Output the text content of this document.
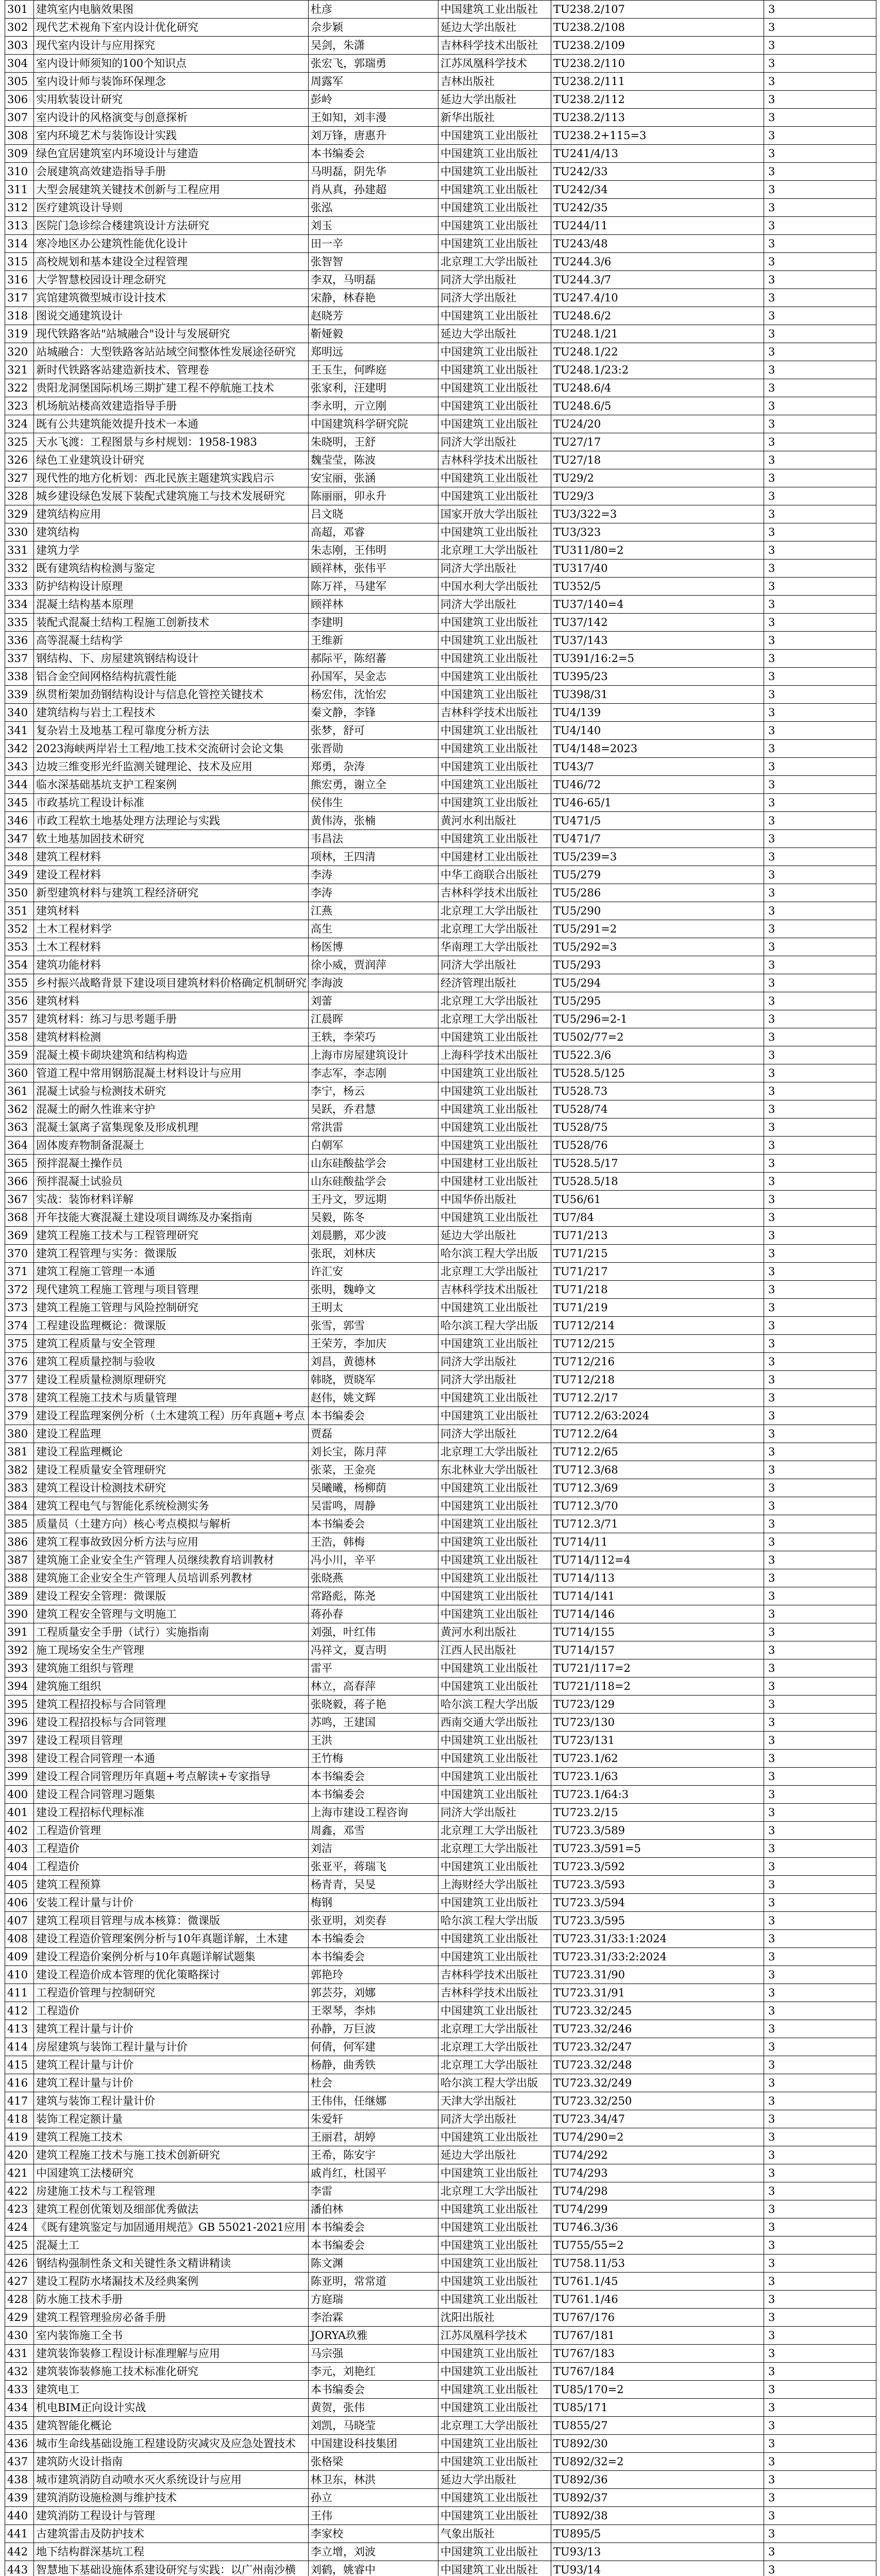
301	建筑室内电脑效果图	杜彦	中国建筑工业出版社	TU238.2/107	3
302	现代艺术视角下室内设计优化研究	佘步颖	延边大学出版社	TU238.2/108	3
303	现代室内设计与应用探究	吴剑，朱潇	吉林科学技术出版社	TU238.2/109	3
304	室内设计师须知的100个知识点	张宏飞，郭瑞勇	江苏凤凰科学技术	TU238.2/110	3
305	室内设计师与装饰环保理念	周露军	吉林出版社	TU238.2/111	3
306	实用软装设计研究	彭岭	延边大学出版社	TU238.2/112	3
307	室内设计的风格演变与创意探析	王如知，刘丰漫	新华出版社	TU238.2/113	3
308	室内环境艺术与装饰设计实践	刘万锋，唐惠升	中国建筑工业出版社	TU238.2+115=3	3
309	绿色宜居建筑室内环境设计与建造	本书编委会	中国建筑工业出版社	TU241/4/13	3
310	会展建筑高效建造指导手册	马明磊，阴先华	中国建筑工业出版社	TU242/33	3
311	大型会展建筑关键技术创新与工程应用	肖从真，孙建超	中国建筑工业出版社	TU242/34	3
312	医疗建筑设计导则	张泓	中国建筑工业出版社	TU242/35	3
313	医院门急诊综合楼建筑设计方法研究	刘玉	中国建筑工业出版社	TU244/11	3
314	寒冷地区办公建筑性能优化设计	田一辛	中国建筑工业出版社	TU243/48	3
315	高校规划和基本建设全过程管理	张智智	北京理工大学出版社	TU244.3/6	3
316	大学智慧校园设计理念研究	李双，马明磊	同济大学出版社	TU244.3/7	3
317	宾馆建筑微型城市设计技术	宋静，林春艳	同济大学出版社	TU247.4/10	3
318	图说交通建筑设计	赵晓芳	中国建筑工业出版社	TU248.6/2	3
319	现代铁路客站"站城融合"设计与发展研究	靳娅毅	延边大学出版社	TU248.1/21	3
320	站城融合：大型铁路客站站域空间整体性发展途径研究	郑明远	中国建筑工业出版社	TU248.1/22	3
321	新时代铁路客站建造新技术、管理卷	王玉生，何晔庭	中国建筑工业出版社	TU248.1/23:2	3
322	贵阳龙洞堡国际机场三期扩建工程不停航施工技术	张家利，汪建明	中国建筑工业出版社	TU248.6/4	3
323	机场航站楼高效建造指导手册	李永明，亓立刚	中国建筑工业出版社	TU248.6/5	3
324	既有公共建筑能效提升技术一本通	中国建筑科学研究院	中国建筑工业出版社	TU24/20	3
325	天水飞渡：工程图景与乡村规划：1958-1983	朱晓明，王舒	同济大学出版社	TU27/17	3
326	绿色工业建筑设计研究	魏莹莹，陈波	吉林科学技术出版社	TU27/18	3
327	现代性的地方化析划：西北民族主题建筑实践启示	安宝丽，张涵	中国建筑工业出版社	TU29/2	3
328	城乡建设绿色发展下装配式建筑施工与技术发展研究	陈丽丽，卯永升	中国建筑工业出版社	TU29/3	3
329	建筑结构应用	吕文晓	国家开放大学出版社	TU3/322=3	3
330	建筑结构	高超，邓睿	中国建筑工业出版社	TU3/323	3
331	建筑力学	朱志刚，王伟明	北京理工大学出版社	TU311/80=2	3
332	既有建筑结构检测与鉴定	顾祥林，张伟平	同济大学出版社	TU317/40	3
333	防护结构设计原理	陈万祥，马建军	中国水利大学出版社	TU352/5	3
334	混凝土结构基本原理	顾祥林	同济大学出版社	TU37/140=4	3
335	装配式混凝土结构工程施工创新技术	李建明	中国建筑工业出版社	TU37/142	3
336	高等混凝土结构学	王维新	中国建筑工业出版社	TU37/143	3
337	钢结构、下、房屋建筑钢结构设计	郝际平，陈绍蕃	中国建筑工业出版社	TU391/16:2=5	3
338	铝合金空间网格结构抗震性能	孙国军，吴金志	中国建筑工业出版社	TU395/23	3
339	纵贯桁架加劲钢结构设计与信息化管控关键技术	杨宏伟，沈怡宏	中国建筑工业出版社	TU398/31	3
340	建筑结构与岩土工程技术	秦文静，李锋	吉林科学技术出版社	TU4/139	3
341	复杂岩土及地基工程可靠度分析方法	张梦，舒可	中国建筑工业出版社	TU4/140	3
342	2023海峡两岸岩土工程/地工技术交流研讨会论文集	张晋勋	中国建筑工业出版社	TU4/148=2023	3
343	边坡三维变形光纤监测关键理论、技术及应用	郑勇，杂涛	中国建筑工业出版社	TU43/7	3
344	临水深基础基坑支护工程案例	熊宏勇，谢立全	中国建筑工业出版社	TU46/72	3
345	市政基坑工程设计标准	侯伟生	中国建筑工业出版社	TU46-65/1	3
346	市政工程软土地基处理方法理论与实践	黄伟涛，张楠	黄河水利出版社	TU471/5	3
347	软土地基加固技术研究	韦昌法	中国建筑工业出版社	TU471/7	3
348	建筑工程材料	项林，王四清	中国建材工业出版社	TU5/239=3	3
349	建设工程材料	李涛	中华工商联合出版社	TU5/279	3
350	新型建筑材料与建筑工程经济研究	李涛	吉林科学技术出版社	TU5/286	3
351	建筑材料	江燕	北京理工大学出版社	TU5/290	3
352	土木工程材料学	高生	北京理工大学出版社	TU5/291=2	3
353	土木工程材料	杨医博	华南理工大学出版社	TU5/292=3	3
354	建筑功能材料	徐小威，贾润萍	同济大学出版社	TU5/293	3
355	乡村振兴战略背景下建设项目建筑材料价格确定机制研究	李海波	经济管理出版社	TU5/294	3
356	建筑材料	刘蕾	北京理工大学出版社	TU5/295	3
357	建筑材料：练习与思考题手册	江晨晖	北京理工大学出版社	TU5/296=2-1	3
358	建筑材料检测	王轶，李荣巧	中国建筑工业出版社	TU502/77=2	3
359	混凝土模卡砌块建筑和结构构造	上海市房屋建筑设计	上海科学技术出版社	TU522.3/6	3
360	管道工程中常用钢筋混凝土材料设计与应用	李志军，李志刚	中国建筑工业出版社	TU528.5/125	3
361	混凝土试验与检测技术研究	李宁，杨云	中国建筑工业出版社	TU528.73	3
362	混凝土的耐久性谁来守护	吴跃，乔君慧	中国建筑工业出版社	TU528/74	3
363	混凝土氯离子富集现象及形成机理	常洪雷	中国建筑工业出版社	TU528/75	3
364	固体废弃物制备混凝土	白朝军	中国建筑工业出版社	TU528/76	3
365	预拌混凝土操作员	山东硅酸盐学会	中国建材工业出版社	TU528.5/17	3
366	预拌混凝土试验员	山东硅酸盐学会	中国建材工业出版社	TU528.5/18	3
367	实战：装饰材料详解	王丹文，罗远期	中国华侨出版社	TU56/61	3
368	开年技能大赛混凝土建设项目调练及办案指南	吴毅，陈冬	中国建筑工业出版社	TU7/84	3
369	建筑工程施工技术与工程管理研究	刘晨鹏，邓少波	延边大学出版社	TU71/213	3
370	建筑工程管理与实务：微课版	张珉，刘林庆	哈尔滨工程大学出版	TU71/215	3
371	建筑工程施工管理一本通	许汇安	北京理工大学出版社	TU71/217	3
372	现代建筑工程施工管理与项目管理	张明，魏峥文	吉林科学技术出版社	TU71/218	3
373	建筑工程施工管理与风险控制研究	王明太	中国建筑工业出版社	TU71/219	3
374	工程建设监理概论：微课版	张雪，郭雪	哈尔滨工程大学出版	TU712/214	3
375	建筑工程质量与安全管理	王荣芳，李加庆	中国建筑工业出版社	TU712/215	3
376	建筑工程质量控制与验收	刘昌，黄德林	同济大学出版社	TU712/216	3
377	建设工程质量检测原理研究	韩晓，贾晓军	同济大学出版社	TU712/218	3
378	建筑工程施工技术与质量管理	赵伟，姚文辉	中国建筑工业出版社	TU712.2/17	3
379	建设工程监理案例分析（土木建筑工程）历年真题+考点	本书编委会	中国建筑工业出版社	TU712.2/63:2024	3
380	建设工程监理	贾磊	同济大学出版社	TU712.2/64	3
381	建设工程监理概论	刘长宝，陈月萍	北京理工大学出版社	TU712.2/65	3
382	建设工程质量安全管理研究	张菜，王金亮	东北林业大学出版社	TU712.3/68	3
383	建筑工程设计检测技术研究	吴曦曦，杨柳荫	中国建筑工业出版社	TU712.3/69	3
384	建筑工程电气与智能化系统检测实务	吴雷鸣，周静	中国建筑工业出版社	TU712.3/70	3
385	质量员（土建方向）核心考点模拟与解析	本书编委会	中国建筑工业出版社	TU712.3/71	3
386	建筑工程事故致因分析方法与应用	王浩，韩梅	中国建筑工业出版社	TU714/11	3
387	建筑施工企业安全生产管理人员继续教育培训教材	冯小川，辛平	中国建筑工业出版社	TU714/112=4	3
388	建筑施工企业安全生产管理人员培训系列教材	张晓燕	中国建筑工业出版社	TU714/113	3
389	建设工程安全管理：微课版	常路彪，陈尧	中国建筑工业出版社	TU714/141	3
390	建筑工程安全管理与文明施工	蒋孙春	中国建筑工业出版社	TU714/146	3
391	工程质量安全手册（试行）实施指南	刘强，叶红伟	黄河水利出版社	TU714/155	3
392	施工现场安全生产管理	冯祥文，夏吉明	江西人民出版社	TU714/157	3
393	建筑施工组织与管理	雷平	中国建筑工业出版社	TU721/117=2	3
394	建筑施工组织	林立，高春萍	中国建筑工业出版社	TU721/118=2	3
395	建筑工程招投标与合同管理	张晓毅，蒋子艳	哈尔滨工程大学出版	TU723/129	3
396	建设工程招投标与合同管理	苏鸣，王建国	西南交通大学出版社	TU723/130	3
397	建设工程项目管理	王洪	中国建筑工业出版社	TU723/131	3
398	建设工程合同管理一本通	王竹梅	中国建筑工业出版社	TU723.1/62	3
399	建设工程合同管理历年真题+考点解读+专家指导	本书编委会	中国建筑工业出版社	TU723.1/63	3
400	建设工程合同管理习题集	本书编委会	中国建筑工业出版社	TU723.1/64:3	3
401	建设工程招标代理标准	上海市建设工程咨询	同济大学出版社	TU723.2/15	3
402	工程造价管理	周鑫，邓雪	北京理工大学出版社	TU723.3/589	3
403	工程造价	刘洁	北京理工大学出版社	TU723.3/591=5	3
404	工程造价	张亚平，蒋瑞飞	中国建筑工业出版社	TU723.3/592	3
405	建筑工程预算	杨青青，吴旻	上海财经大学出版社	TU723.3/593	3
406	安装工程计量与计价	梅钢	中国建筑工业出版社	TU723.3/594	3
407	建筑工程项目管理与成本核算：微课版	张亚明，刘奕春	哈尔滨工程大学出版	TU723.3/595	3
408	建设工程造价管理案例分析与10年真题详解，土木建	本书编委会	中国建筑工业出版社	TU723.31/33:1:2024	3
409	建设工程造价案例分析与10年真题详解试题集	本书编委会	中国建筑工业出版社	TU723.31/33:2:2024	3
410	建设工程造价成本管理的优化策略探讨	郭艳玲	吉林科学技术出版社	TU723.31/90	3
411	工程造价管理与控制研究	郭芸芬，刘娜	吉林科学技术出版社	TU723.31/91	3
412	工程造价	王翠琴，李炜	中国建筑工业出版社	TU723.32/245	3
413	建筑工程计量与计价	孙静，万巨波	北京理工大学出版社	TU723.32/246	3
414	房屋建筑与装饰工程计量与计价	何倩，何军建	北京理工大学出版社	TU723.32/247	3
415	建筑工程计量与计价	杨静，曲秀铁	北京理工大学出版社	TU723.32/248	3
416	建筑工程计量与计价	杜会	哈尔滨工程大学出版	TU723.32/249	3
417	建筑与装饰工程计量计价	王伟伟，任继娜	天津大学出版社	TU723.32/250	3
418	装饰工程定额计量	朱爱轩	同济大学出版社	TU723.34/47	3
419	建筑工程施工技术	王丽君，胡婷	中国建筑工业出版社	TU74/290=2	3
420	建筑工程施工技术与施工技术创新研究	王希，陈安宇	延边大学出版社	TU74/292	3
421	中国建筑工法楼研究	戚肖红，杜国平	中国建筑工业出版社	TU74/293	3
422	房建施工技术与工程管理	李雷	北京理工大学出版社	TU74/298	3
423	建筑工程创优策划及细部优秀做法	潘伯林	中国建筑工业出版社	TU74/299	3
424	《既有建筑鉴定与加固通用规范》GB 55021-2021应用	本书编委会	中国建筑工业出版社	TU746.3/36	3
425	混凝土工	本书编委会	中国建筑工业出版社	TU755/55=2	3
426	钢结构强制性条文和关键性条文精讲精读	陈文渊	中国建筑工业出版社	TU758.11/53	3
427	建设工程防水堵漏技术及经典案例	陈亚明，常常道	中国建筑工业出版社	TU761.1/45	3
428	防水施工技术手册	方庭瑞	中国建筑工业出版社	TU761.1/46	3
429	建筑工程管理验房必备手册	李治霖	沈阳出版社	TU767/176	3
430	室内装饰施工全书	JORYA玖雅	江苏凤凰科学技术	TU767/181	3
431	建筑装饰装修工程设计标准理解与应用	马宗强	中国建筑工业出版社	TU767/183	3
432	建筑装饰装修施工技术标准化研究	李元，刘艳红	中国建筑工业出版社	TU767/184	3
433	建筑电工	本书编委会	中国建筑工业出版社	TU85/170=2	3
434	机电BIM正向设计实战	黄贺，张伟	中国建筑工业出版社	TU85/171	3
435	建筑智能化概论	刘凯，马晓莹	北京理工大学出版社	TU855/27	3
436	城市生命线基础设施工程建设防灾减灾及应急处置技术	中国建设科技集团	中国建筑工业出版社	TU892/30	3
437	建筑防火设计指南	张格梁	中国建筑工业出版社	TU892/32=2	3
438	城市建筑消防自动喷水灭火系统设计与应用	林卫东，林洪	延边大学出版社	TU892/36	3
439	建筑消防设施检测与维护技术	孙立	中国建筑工业出版社	TU892/37	3
440	建筑消防工程设计与管理	王伟	中国建筑工业出版社	TU892/38	3
441	古建筑雷击及防护技术	李家校	气象出版社	TU895/5	3
442	地下结构群深基坑工程	李立增，刘波	中国建筑工业出版社	TU93/13	3
443	智慧地下基础设施体系建设研究与实践：以广州南沙横	刘鹤，姚睿中	中国建筑工业出版社	TU93/14	3
